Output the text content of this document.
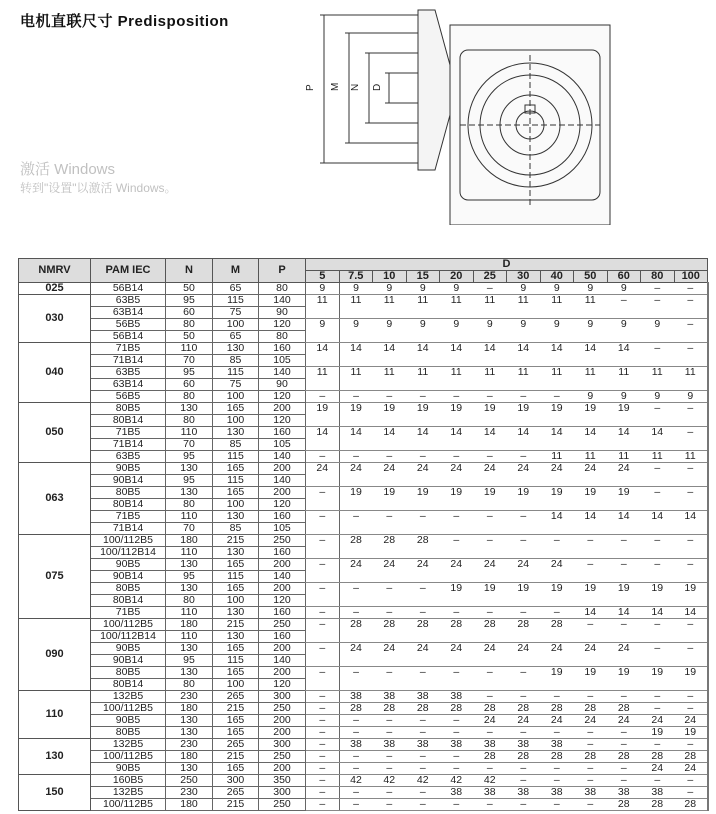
电机直联尺寸 Predisposition
P M N D
NMRV	PAM IEC	N	M	P	D											
					5	7.5	10	15	20	25	30	40	50	60	80	100
025	56B14	50	65	80	9	9	9	9	9	–	9	9	9	9	–	–
030	63B5	95	115	140	11	11	11	11	11	11	11	11	11	–	–	–
	63B14	60	75	90												
	56B5	80	100	120	9	9	9	9	9	9	9	9	9	9	9	–
	56B14	50	65	80												
040	71B5	110	130	160	14	14	14	14	14	14	14	14	14	14	–	–
	71B14	70	85	105												
	63B5	95	115	140	11	11	11	11	11	11	11	11	11	11	11	11
	63B14	60	75	90												
	56B5	80	100	120	–	–	–	–	–	–	–	–	9	9	9	9
050	80B5	130	165	200	19	19	19	19	19	19	19	19	19	19	–	–
	80B14	80	100	120												
	71B5	110	130	160	14	14	14	14	14	14	14	14	14	14	14	–
	71B14	70	85	105												
	63B5	95	115	140	–	–	–	–	–	–	–	11	11	11	11	11
063	90B5	130	165	200	24	24	24	24	24	24	24	24	24	24	–	–
	90B14	95	115	140												
	80B5	130	165	200	–	19	19	19	19	19	19	19	19	19	–	–
	80B14	80	100	120												
	71B5	110	130	160	–	–	–	–	–	–	–	14	14	14	14	14
	71B14	70	85	105												
075	100/112B5	180	215	250	–	28	28	28	–	–	–	–	–	–	–	–
	100/112B14	110	130	160												
	90B5	130	165	200	–	24	24	24	24	24	24	24	–	–	–	–
	90B14	95	115	140												
	80B5	130	165	200	–	–	–	–	19	19	19	19	19	19	19	19
	80B14	80	100	120												
	71B5	110	130	160	–	–	–	–	–	–	–	–	14	14	14	14
090	100/112B5	180	215	250	–	28	28	28	28	28	28	28	–	–	–	–
	100/112B14	110	130	160												
	90B5	130	165	200	–	24	24	24	24	24	24	24	24	24	–	–
	90B14	95	115	140												
	80B5	130	165	200	–	–	–	–	–	–	–	19	19	19	19	19
	80B14	80	100	120												
110	132B5	230	265	300	–	38	38	38	38	–	–	–	–	–	–	–
	100/112B5	180	215	250	–	28	28	28	28	28	28	28	28	28	–	–
	90B5	130	165	200	–	–	–	–	–	24	24	24	24	24	24	24
	80B5	130	165	200	–	–	–	–	–	–	–	–	–	–	19	19
130	132B5	230	265	300	–	38	38	38	38	38	38	38	–	–	–	–
	100/112B5	180	215	250	–	–	–	–	–	28	28	28	28	28	28	28
	90B5	130	165	200	–	–	–	–	–	–	–	–	–	–	24	24
150	160B5	250	300	350	–	42	42	42	42	42	–	–	–	–	–	–
	132B5	230	265	300	–	–	–	–	38	38	38	38	38	38	38	–
	100/112B5	180	215	250	–	–	–	–	–	–	–	–	–	28	28	28
激活 Windows
转到"设置"以激活 Windows。
